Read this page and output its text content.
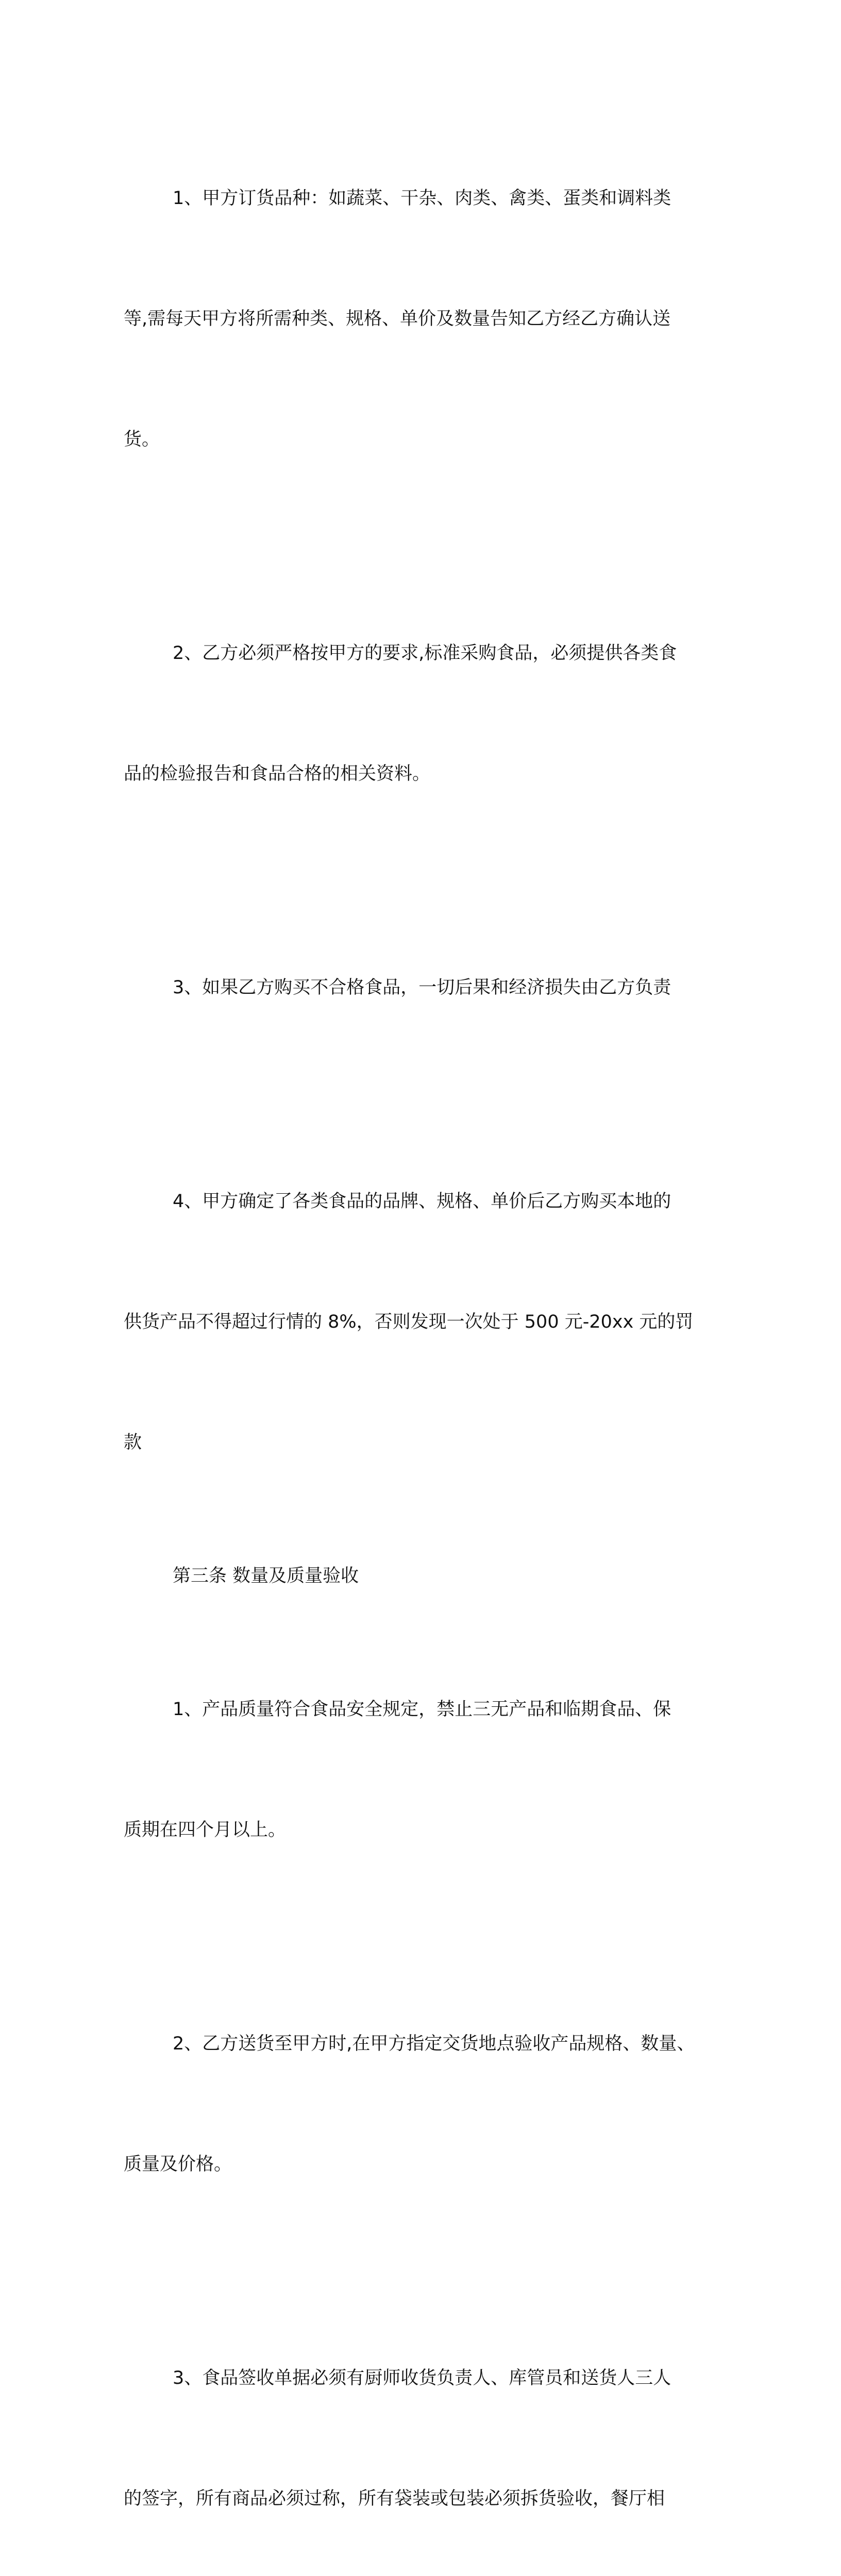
1、甲方订货品种：如蔬菜、干杂、肉类、禽类、蛋类和调料类

等,需每天甲方将所需种类、规格、单价及数量告知乙方经乙方确认送

货。

2、乙方必须严格按甲方的要求,标准采购食品，必须提供各类食

品的检验报告和食品合格的相关资料。

3、如果乙方购买不合格食品，一切后果和经济损失由乙方负责

4、甲方确定了各类食品的品牌、规格、单价后乙方购买本地的

供货产品不得超过行情的 8%，否则发现一次处于 500 元-20xx 元的罚

款

第三条 数量及质量验收

1、产品质量符合食品安全规定，禁止三无产品和临期食品、保

质期在四个月以上。

2、乙方送货至甲方时,在甲方指定交货地点验收产品规格、数量、

质量及价格。

3、食品签收单据必须有厨师收货负责人、库管员和送货人三人

的签字，所有商品必须过称，所有袋装或包装必须拆货验收，餐厅相
